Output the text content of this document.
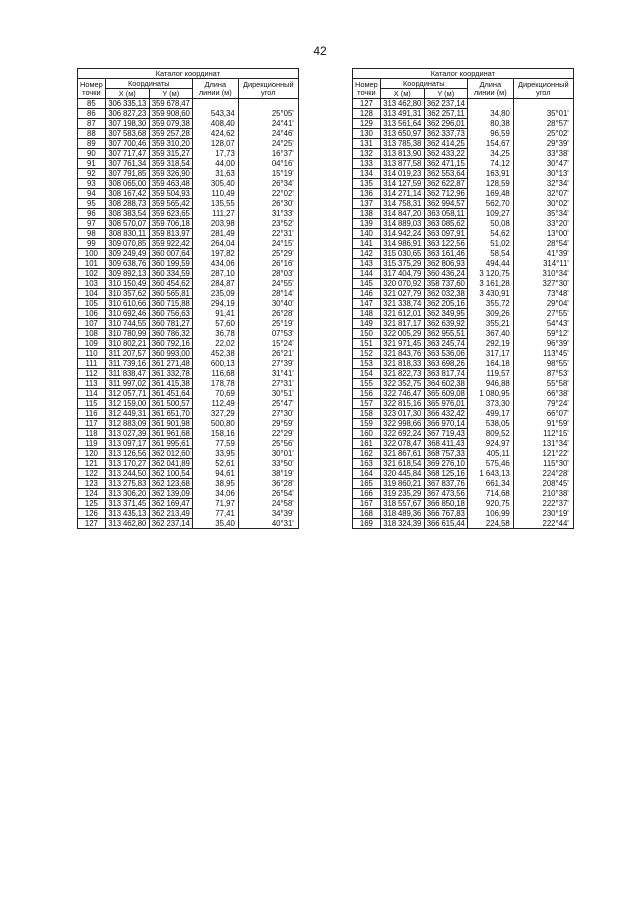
42
Каталог координат				
Номер точки	Координаты		Длина линии (м)	Дирекционный угол
	X (м)	Y (м)		
85	306 335,13	359 678,47	543,34	25°05'
86	306 827,23	359 908,60	408,40	24°41'
87	307 198,30	359 079,38	424,62	24°46'
88	307 583,68	359 257,28	128,07	24°25'
89	307 700,46	359 310,20	17,73	16°37'
90	307 717,47	359 315,27	44,00	04°16'
91	307 761,34	359 318,54	31,63	15°19'
92	307 791,85	359 326,90	305,40	26°34'
93	308 065,00	359 463,48	110,49	22°02'
94	308 167,42	359 504,93	135,55	26°30'
95	308 288,73	359 565,42	111,27	31°33'
96	308 383,54	359 623,65	203,98	23°52'
97	308 570,07	359 706,18	281,49	22°31'
98	308 830,11	359 813,97	264,04	24°15'
99	309 070,85	359 922,42	197,82	25°29'
100	309 249,49	360 007,64	434,06	26°16'
101	309 638,76	360 199,59	287,10	28°03'
102	309 892,13	360 334,59	284,87	24°55'
103	310 150,49	360 454,62	235,09	28°14'
104	310 357,62	360 565,81	294,19	30°40'
105	310 610,66	360 715,88	91,41	26°28'
106	310 692,46	360 756,63	57,60	25°19'
107	310 744,55	360 781,27	36,78	07°53'
108	310 780,99	360 786,32	22,02	15°24'
109	310 802,21	360 792,16	452,38	26°21'
110	311 207,57	360 993,00	600,13	27°39'
111	311 739,16	361 271,48	116,68	31°41'
112	311 838,47	361 332,78	178,78	27°31'
113	311 997,02	361 415,38	70,69	30°51'
114	312 057,71	361 451,64	112,49	25°47'
115	312 159,00	361 500,57	327,29	27°30'
116	312 449,31	361 651,70	500,80	29°59'
117	312 883,09	361 901,98	158,16	22°29'
118	313 027,39	361 961,68	77,59	25°56'
119	313 097,17	361 995,61	33,95	30°01'
120	313 126,56	362 012,60	52,61	33°50'
121	313 170,27	362 041,89	94,61	38°19'
122	313 244,50	362 100,54	38,95	36°28'
123	313 275,83	362 123,68	34,06	26°54'
124	313 306,20	362 139,09	71,97	24°58'
125	313 371,45	362 169,47	77,41	34°39'
126	313 435,13	362 213,49	35,40	40°31'
127	313 462,80	362 237,14		
Каталог координат				
Номер точки	Координаты		Длина линии (м)	Дирекционный угол
	X (м)	Y (м)		
127	313 462,80	362 237,14	34,80	35°01'
128	313 491,31	362 257,11	80,38	28°57'
129	313 561,64	362 296,01	96,59	25°02'
130	313 650,97	362 337,73	154,67	29°39'
131	313 785,38	362 414,25	34,25	33°38'
132	313 813,90	362 433,22	74,12	30°47'
133	313 877,58	362 471,15	163,91	30°13'
134	314 019,23	362 553,64	128,59	32°34'
135	314 127,59	362 622,87	169,48	32°07'
136	314 271,14	362 712,96	562,70	30°02'
137	314 758,31	362 994,57	109,27	35°34'
138	314 847,20	363 058,11	50,08	33°20'
139	314 889,03	363 085,62	54,62	13°00'
140	314 942,24	363 097,91	51,02	28°54'
141	314 986,91	363 122,56	58,54	41°39'
142	315 030,65	363 161,46	494,44	314°11'
143	315 375,29	362 806,93	3 120,75	310°34'
144	317 404,79	360 436,24	3 161,28	327°30'
145	320 070,92	358 737,60	3 430,91	73°48'
146	321 027,79	362 032,38	355,72	29°04'
147	321 338,74	362 205,16	309,26	27°55'
148	321 612,01	362 349,95	355,21	54°43'
149	321 817,17	362 639,92	367,40	59°12'
150	322 005,29	362 955,51	292,19	96°39'
151	321 971,45	363 245,74	317,17	113°45'
152	321 843,76	363 536,06	164,18	98°55'
153	321 818,33	363 698,26	119,57	87°53'
154	321 822,73	363 817,74	946,88	55°58'
155	322 352,75	364 602,38	1 080,95	66°38'
156	322 746,47	365 609,08	373,30	79°24'
157	322 815,16	365 976,01	499,17	66°07'
158	323 017,30	366 432,42	538,05	91°59'
159	322 998,66	366 970,14	809,52	112°15'
160	322 692,24	367 719,43	924,97	131°34'
161	322 078,47	368 411,43	405,11	121°22'
162	321 867,61	368 757,33	575,46	115°30'
163	321 618,54	369 276,10	1 643,13	224°28'
164	320 445,84	368 125,16	661,34	208°45'
165	319 860,21	367 837,76	714,68	210°38'
166	319 235,29	367 473,56	920,75	222°37'
167	318 557,67	366 850,18	106,99	230°19'
168	318 489,36	366 767,83	224,58	222°44'
169	318 324,39	366 615,44		
